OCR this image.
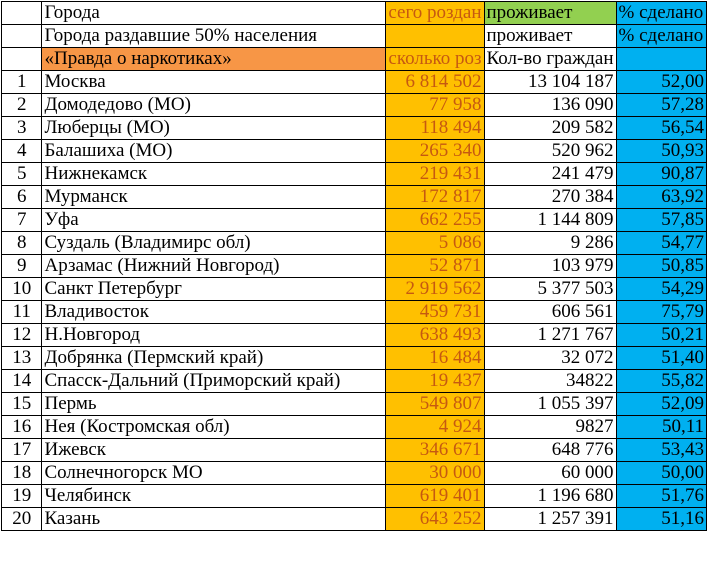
	Города	сего роздан	проживает	% сделано
	Города раздавшие 50% населения		проживает	% сделано
	«Правда о наркотиках»	сколько роз	Кол-во граждан	
1	Москва	6 814 502	13 104 187	52,00
2	Домодедово (МО)	77 958	136 090	57,28
3	Люберцы (МО)	118 494	209 582	56,54
4	Балашиха (МО)	265 340	520 962	50,93
5	Нижнекамск	219 431	241 479	90,87
6	Мурманск	172 817	270 384	63,92
7	Уфа	662 255	1 144 809	57,85
8	Суздаль (Владимирс обл)	5 086	9 286	54,77
9	Арзамас (Нижний Новгород)	52 871	103 979	50,85
10	Санкт Петербург	2 919 562	5 377 503	54,29
11	Владивосток	459 731	606 561	75,79
12	Н.Новгород	638 493	1 271 767	50,21
13	Добрянка (Пермский край)	16 484	32 072	51,40
14	Спасск-Дальний (Приморский край)	19 437	34822	55,82
15	Пермь	549 807	1 055 397	52,09
16	Нея (Костромская обл)	4 924	9827	50,11
17	Ижевск	346 671	648 776	53,43
18	Солнечногорск МО	30 000	60 000	50,00
19	Челябинск	619 401	1 196 680	51,76
20	Казань	643 252	1 257 391	51,16
